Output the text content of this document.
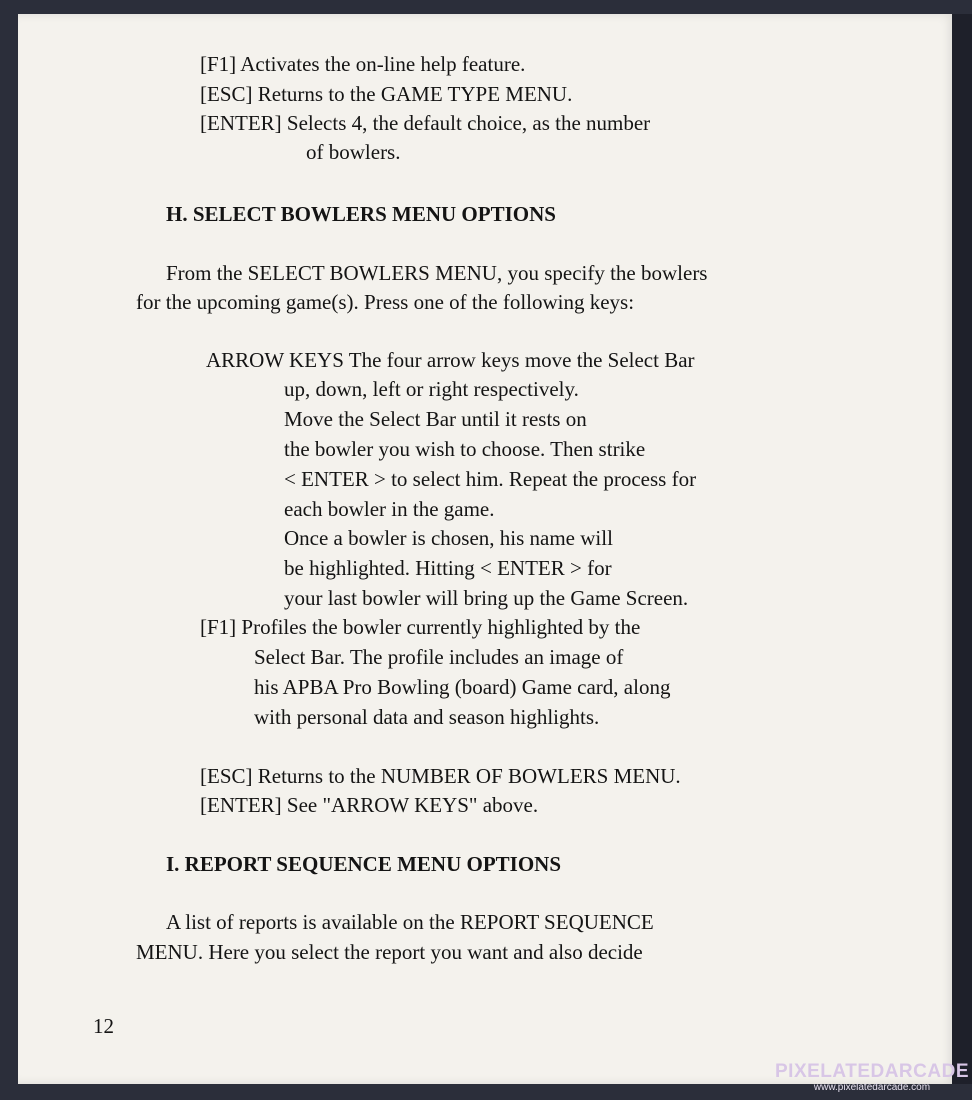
[F1] Activates the on-line help feature.
[ESC] Returns to the GAME TYPE MENU.
[ENTER] Selects 4, the default choice, as the number
of bowlers.
H. SELECT BOWLERS MENU OPTIONS
From the SELECT BOWLERS MENU, you specify the bowlers
for the upcoming game(s). Press one of the following keys:
ARROW KEYS The four arrow keys move the Select Bar
up, down, left or right respectively.
Move the Select Bar until it rests on
the bowler you wish to choose. Then strike
< ENTER > to select him. Repeat the process for
each bowler in the game.
Once a bowler is chosen, his name will
be highlighted. Hitting < ENTER > for
your last bowler will bring up the Game Screen.
[F1] Profiles the bowler currently highlighted by the
Select Bar. The profile includes an image of
his APBA Pro Bowling (board) Game card, along
with personal data and season highlights.
[ESC] Returns to the NUMBER OF BOWLERS MENU.
[ENTER] See "ARROW KEYS" above.
I. REPORT SEQUENCE MENU OPTIONS
A list of reports is available on the REPORT SEQUENCE
MENU. Here you select the report you want and also decide
12
PIXELATEDARCADE
www.pixelatedarcade.com
